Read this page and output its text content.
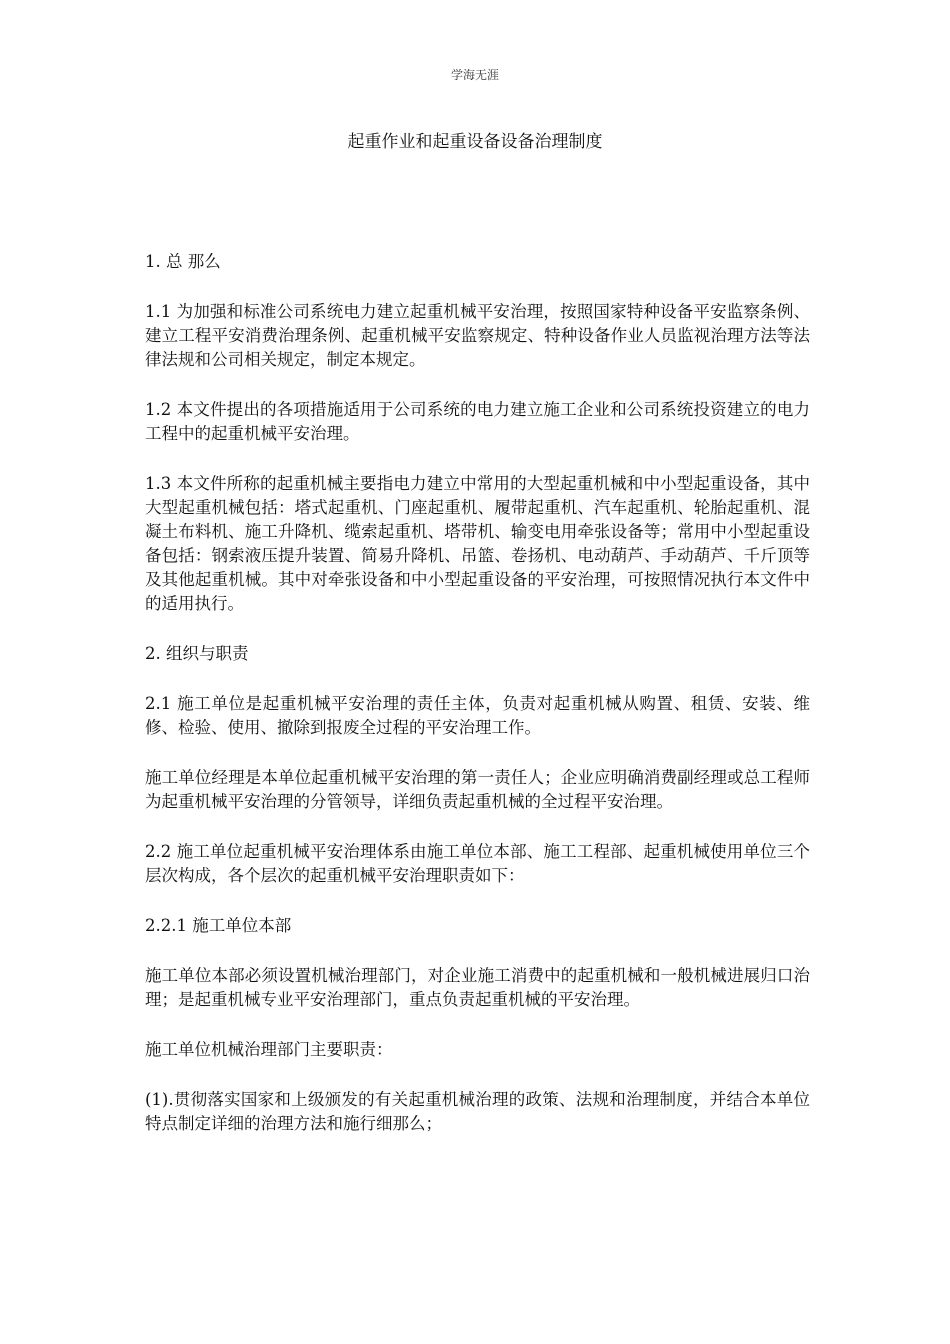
学海无涯
起重作业和起重设备设备治理制度

1. 总 那么

1.1 为加强和标准公司系统电力建立起重机械平安治理，按照国家特种设备平安监察条例、建立工程平安消费治理条例、起重机械平安监察规定、特种设备作业人员监视治理方法等法律法规和公司相关规定，制定本规定。

1.2 本文件提出的各项措施适用于公司系统的电力建立施工企业和公司系统投资建立的电力工程中的起重机械平安治理。

1.3 本文件所称的起重机械主要指电力建立中常用的大型起重机械和中小型起重设备，其中大型起重机械包括：塔式起重机、门座起重机、履带起重机、汽车起重机、轮胎起重机、混凝土布料机、施工升降机、缆索起重机、塔带机、输变电用牵张设备等；常用中小型起重设备包括：钢索液压提升装置、简易升降机、吊篮、卷扬机、电动葫芦、手动葫芦、千斤顶等及其他起重机械。其中对牵张设备和中小型起重设备的平安治理，可按照情况执行本文件中的适用执行。

2. 组织与职责

2.1 施工单位是起重机械平安治理的责任主体，负责对起重机械从购置、租赁、安装、维修、检验、使用、撤除到报废全过程的平安治理工作。

施工单位经理是本单位起重机械平安治理的第一责任人；企业应明确消费副经理或总工程师为起重机械平安治理的分管领导，详细负责起重机械的全过程平安治理。

2.2 施工单位起重机械平安治理体系由施工单位本部、施工工程部、起重机械使用单位三个层次构成，各个层次的起重机械平安治理职责如下：

2.2.1 施工单位本部

施工单位本部必须设置机械治理部门，对企业施工消费中的起重机械和一般机械进展归口治理；是起重机械专业平安治理部门，重点负责起重机械的平安治理。

施工单位机械治理部门主要职责：

(1).贯彻落实国家和上级颁发的有关起重机械治理的政策、法规和治理制度，并结合本单位特点制定详细的治理方法和施行细那么；
